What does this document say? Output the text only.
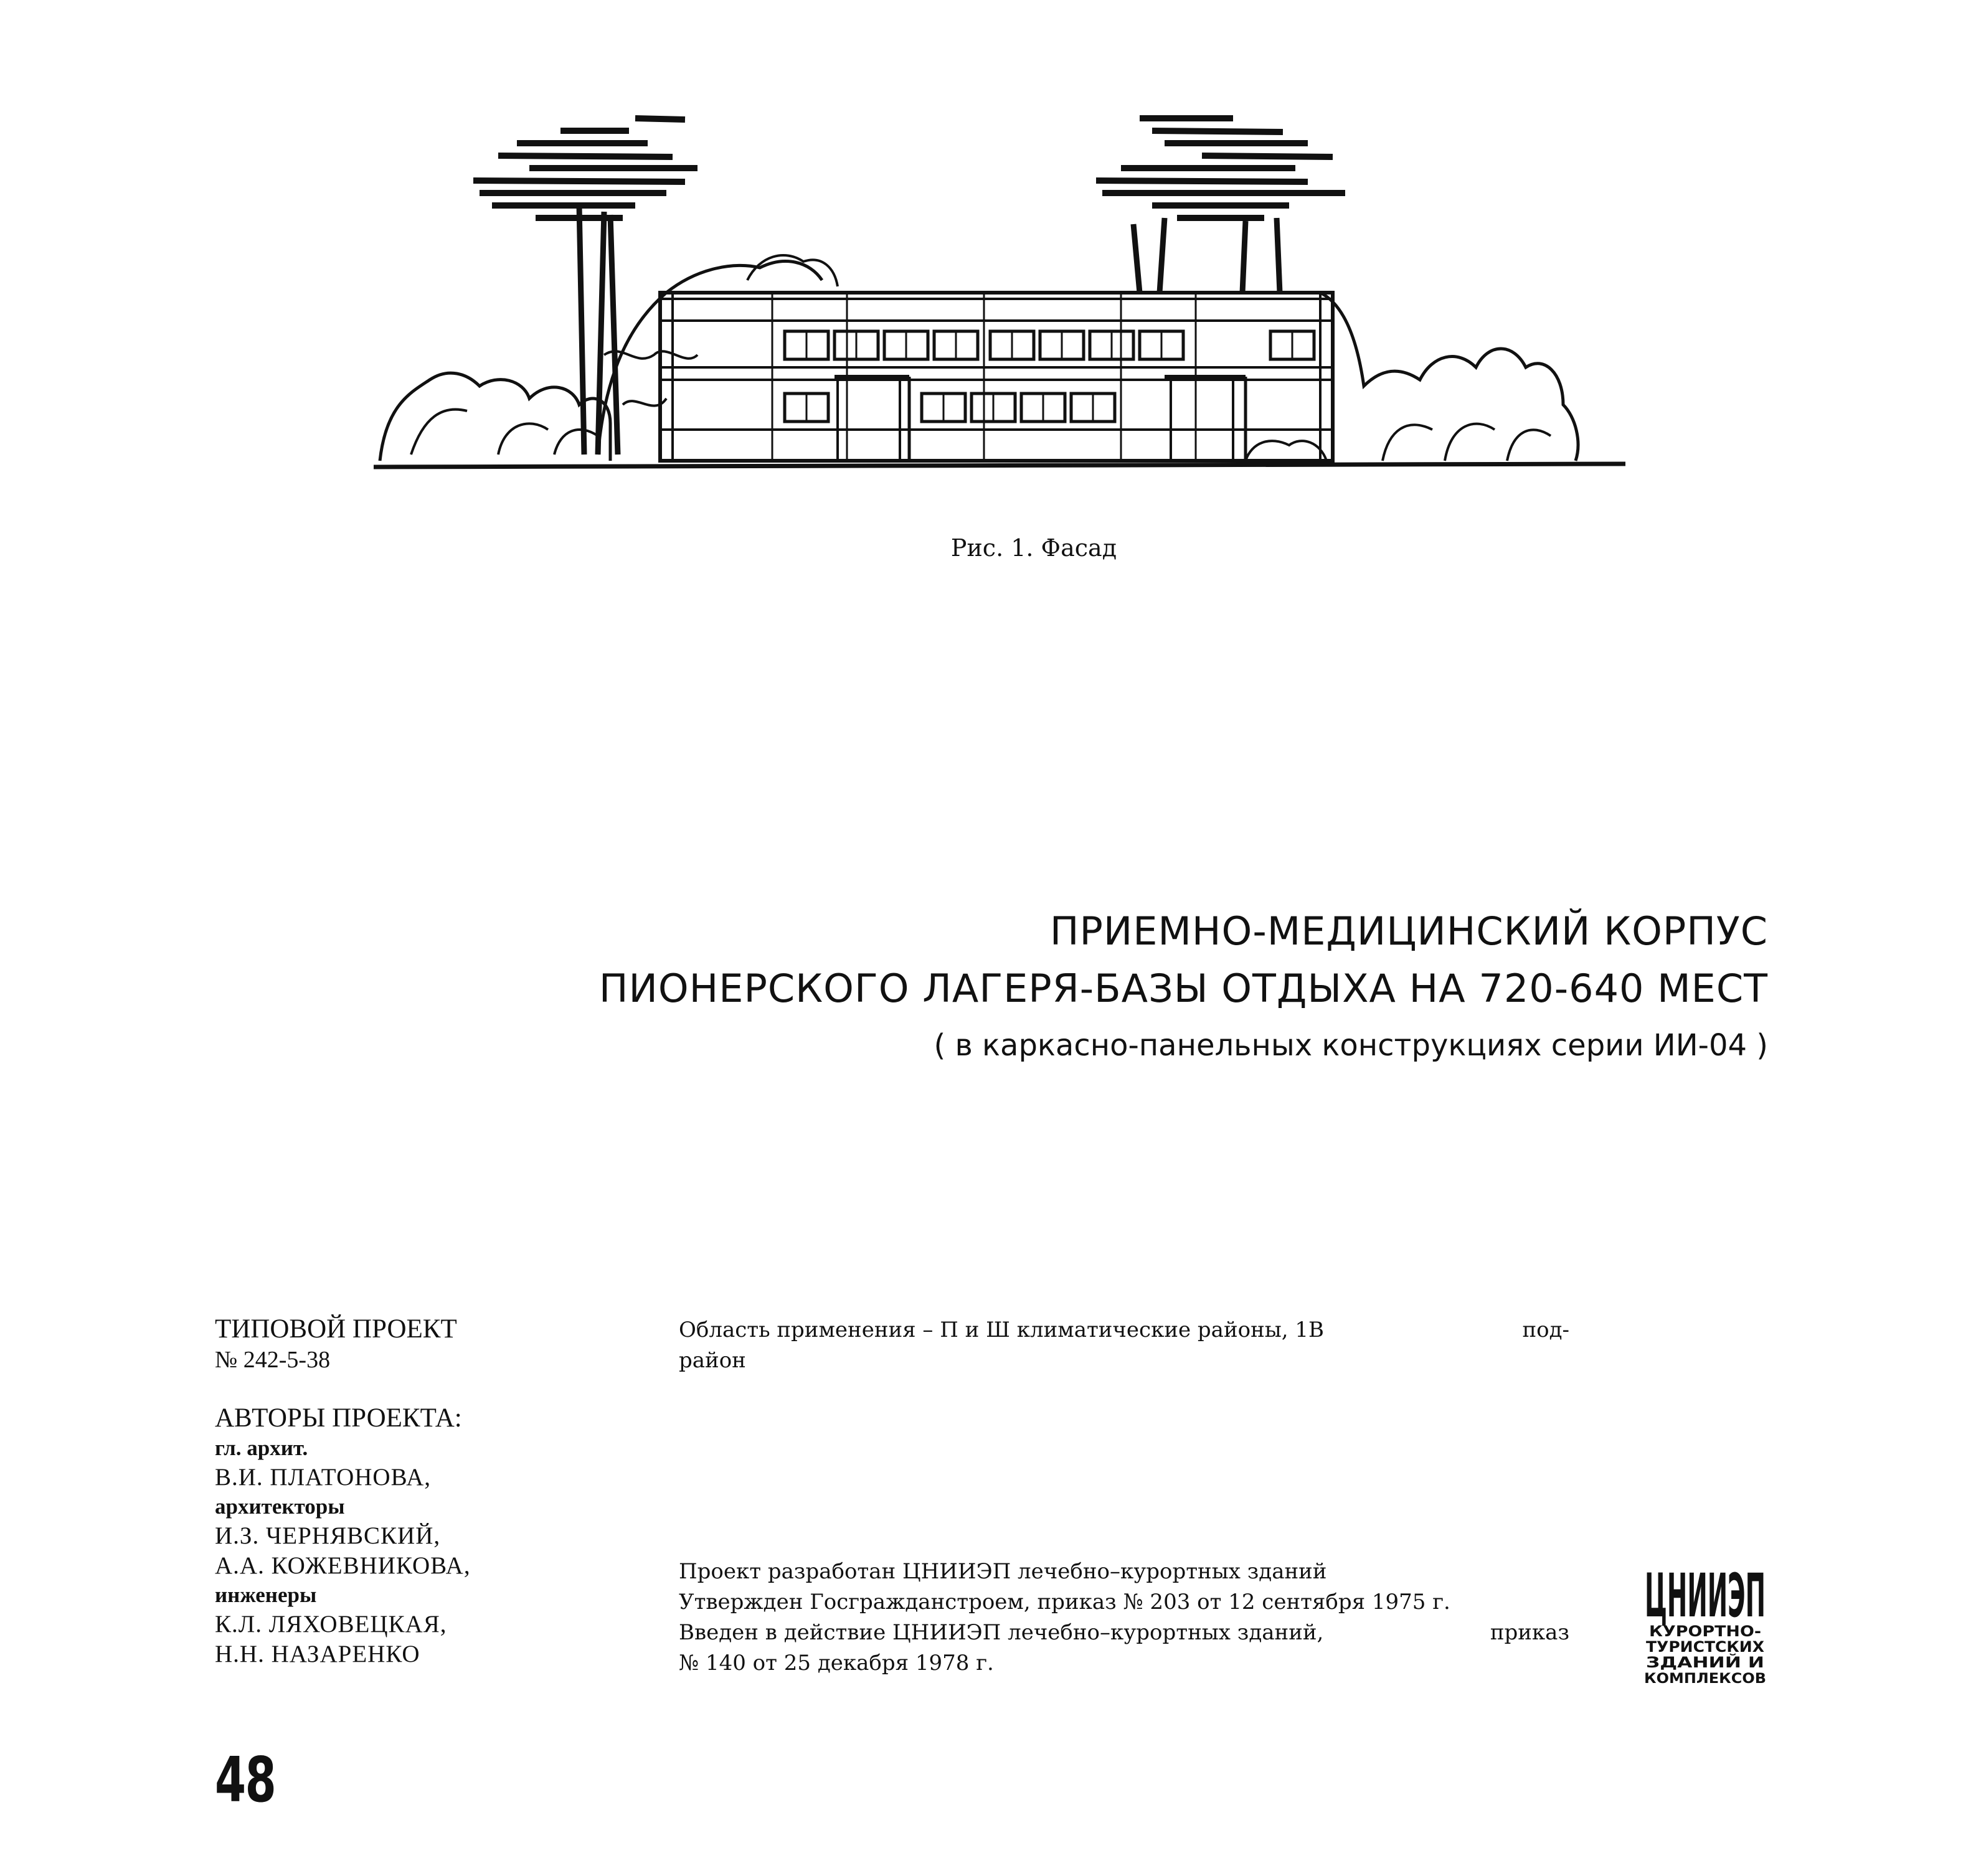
Рис. 1. Фасад
ПРИЕМНО-МЕДИЦИНСКИЙ КОРПУС
ПИОНЕРСКОГО ЛАГЕРЯ-БАЗЫ ОТДЫХА НА 720-640 МЕСТ
( в каркасно-панельных конструкциях серии ИИ-04 )
ТИПОВОЙ ПРОЕКТ
№ 242-5-38
АВТОРЫ ПРОЕКТА:
гл. архит.
В.И. ПЛАТОНОВА,
архитекторы
И.З. ЧЕРНЯВСКИЙ,
А.А. КОЖЕВНИКОВА,
инженеры
К.Л. ЛЯХОВЕЦКАЯ,
Н.Н. НАЗАРЕНКО

Область применения – П и Ш климатические районы, 1В	под-

район

Проект разработан ЦНИИЭП лечебно–курортных зданий

Утвержден Госгражданстроем, приказ № 203 от 12 сентября 1975 г.

Введен в действие ЦНИИЭП лечебно–курортных зданий,	приказ

№ 140 от 25 декабря 1978 г.

ЦНИИЭП
КУРОРТНО-
ТУРИСТСКИХ
ЗДАНИЙ И
КОМПЛЕКСОВ
48
